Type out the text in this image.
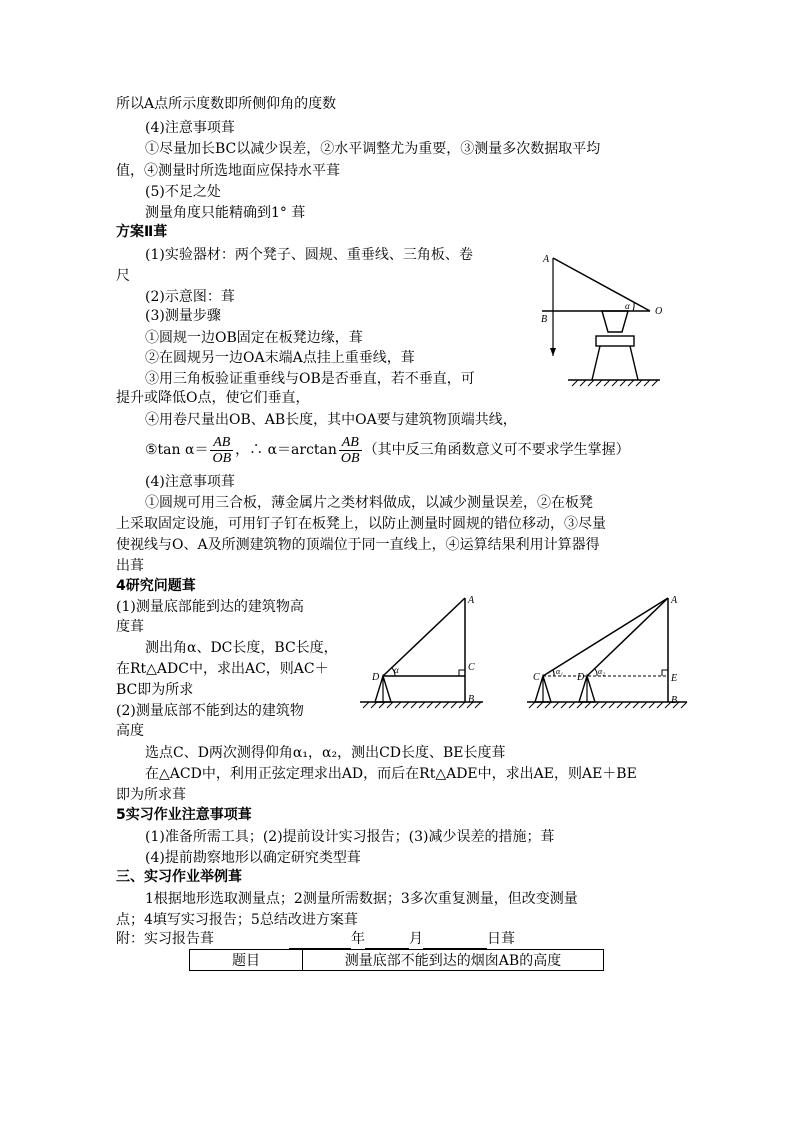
所以A点所示度数即所侧仰角的度数
(4)注意事项葺
①尽量加长BC以减少误差，②水平调整尤为重要，③测量多次数据取平均
值，④测量时所选地面应保持水平葺
(5)不足之处
测量角度只能精确到1° 葺
方案Ⅱ葺
(1)实验器材：两个凳子、圆规、重垂线、三角板、卷
尺
(2)示意图：葺
(3)测量步骤
①圆规一边OB固定在板凳边缘，葺
②在圆规另一边OA末端A点挂上重垂线，葺
③用三角板验证重垂线与OB是否垂直，若不垂直，可
提升或降低O点，使它们垂直，
④用卷尺量出OB、AB长度，其中OA要与建筑物顶端共线，
⑤tan $\alpha= \frac{AB}{OB}$ ，∴ $\alpha=\arctan \frac{AB}{OB}$ （其中反三角函数意义可不要求学生掌握）
(4)注意事项葺
①圆规可用三合板，薄金属片之类材料做成，以减少测量误差，②在板凳
上采取固定设施，可用钉子钉在板凳上，以防止测量时圆规的错位移动，③尽量
使视线与O、A及所测建筑物的顶端位于同一直线上，④运算结果利用计算器得
出葺
4研究问题葺
(1)测量底部能到达的建筑物高
度葺
测出角α、DC长度，BC长度，
在Rt△ADC中，求出AC，则AC＋
BC即为所求
(2)测量底部不能到达的建筑物
高度
选点C、D两次测得仰角α₁，α₂，测出CD长度、BE长度葺
在△ACD中，利用正弦定理求出AD，而后在Rt△ADE中，求出AE，则AE＋BE
即为所求葺
5实习作业注意事项葺
(1)准备所需工具；(2)提前设计实习报告；(3)减少误差的措施；葺
(4)提前勘察地形以确定研究类型葺
三、实习作业举例葺
1根据地形选取测量点；2测量所需数据；3多次重复测量，但改变测量
点；4填写实习报告；5总结改进方案葺
附：实习报告葺	年	月	日葺
题目	测量底部不能到达的烟囱AB的高度
A
B
O
α
A
B
C
D
α
A
B
C	D	E
α₁	α₂
